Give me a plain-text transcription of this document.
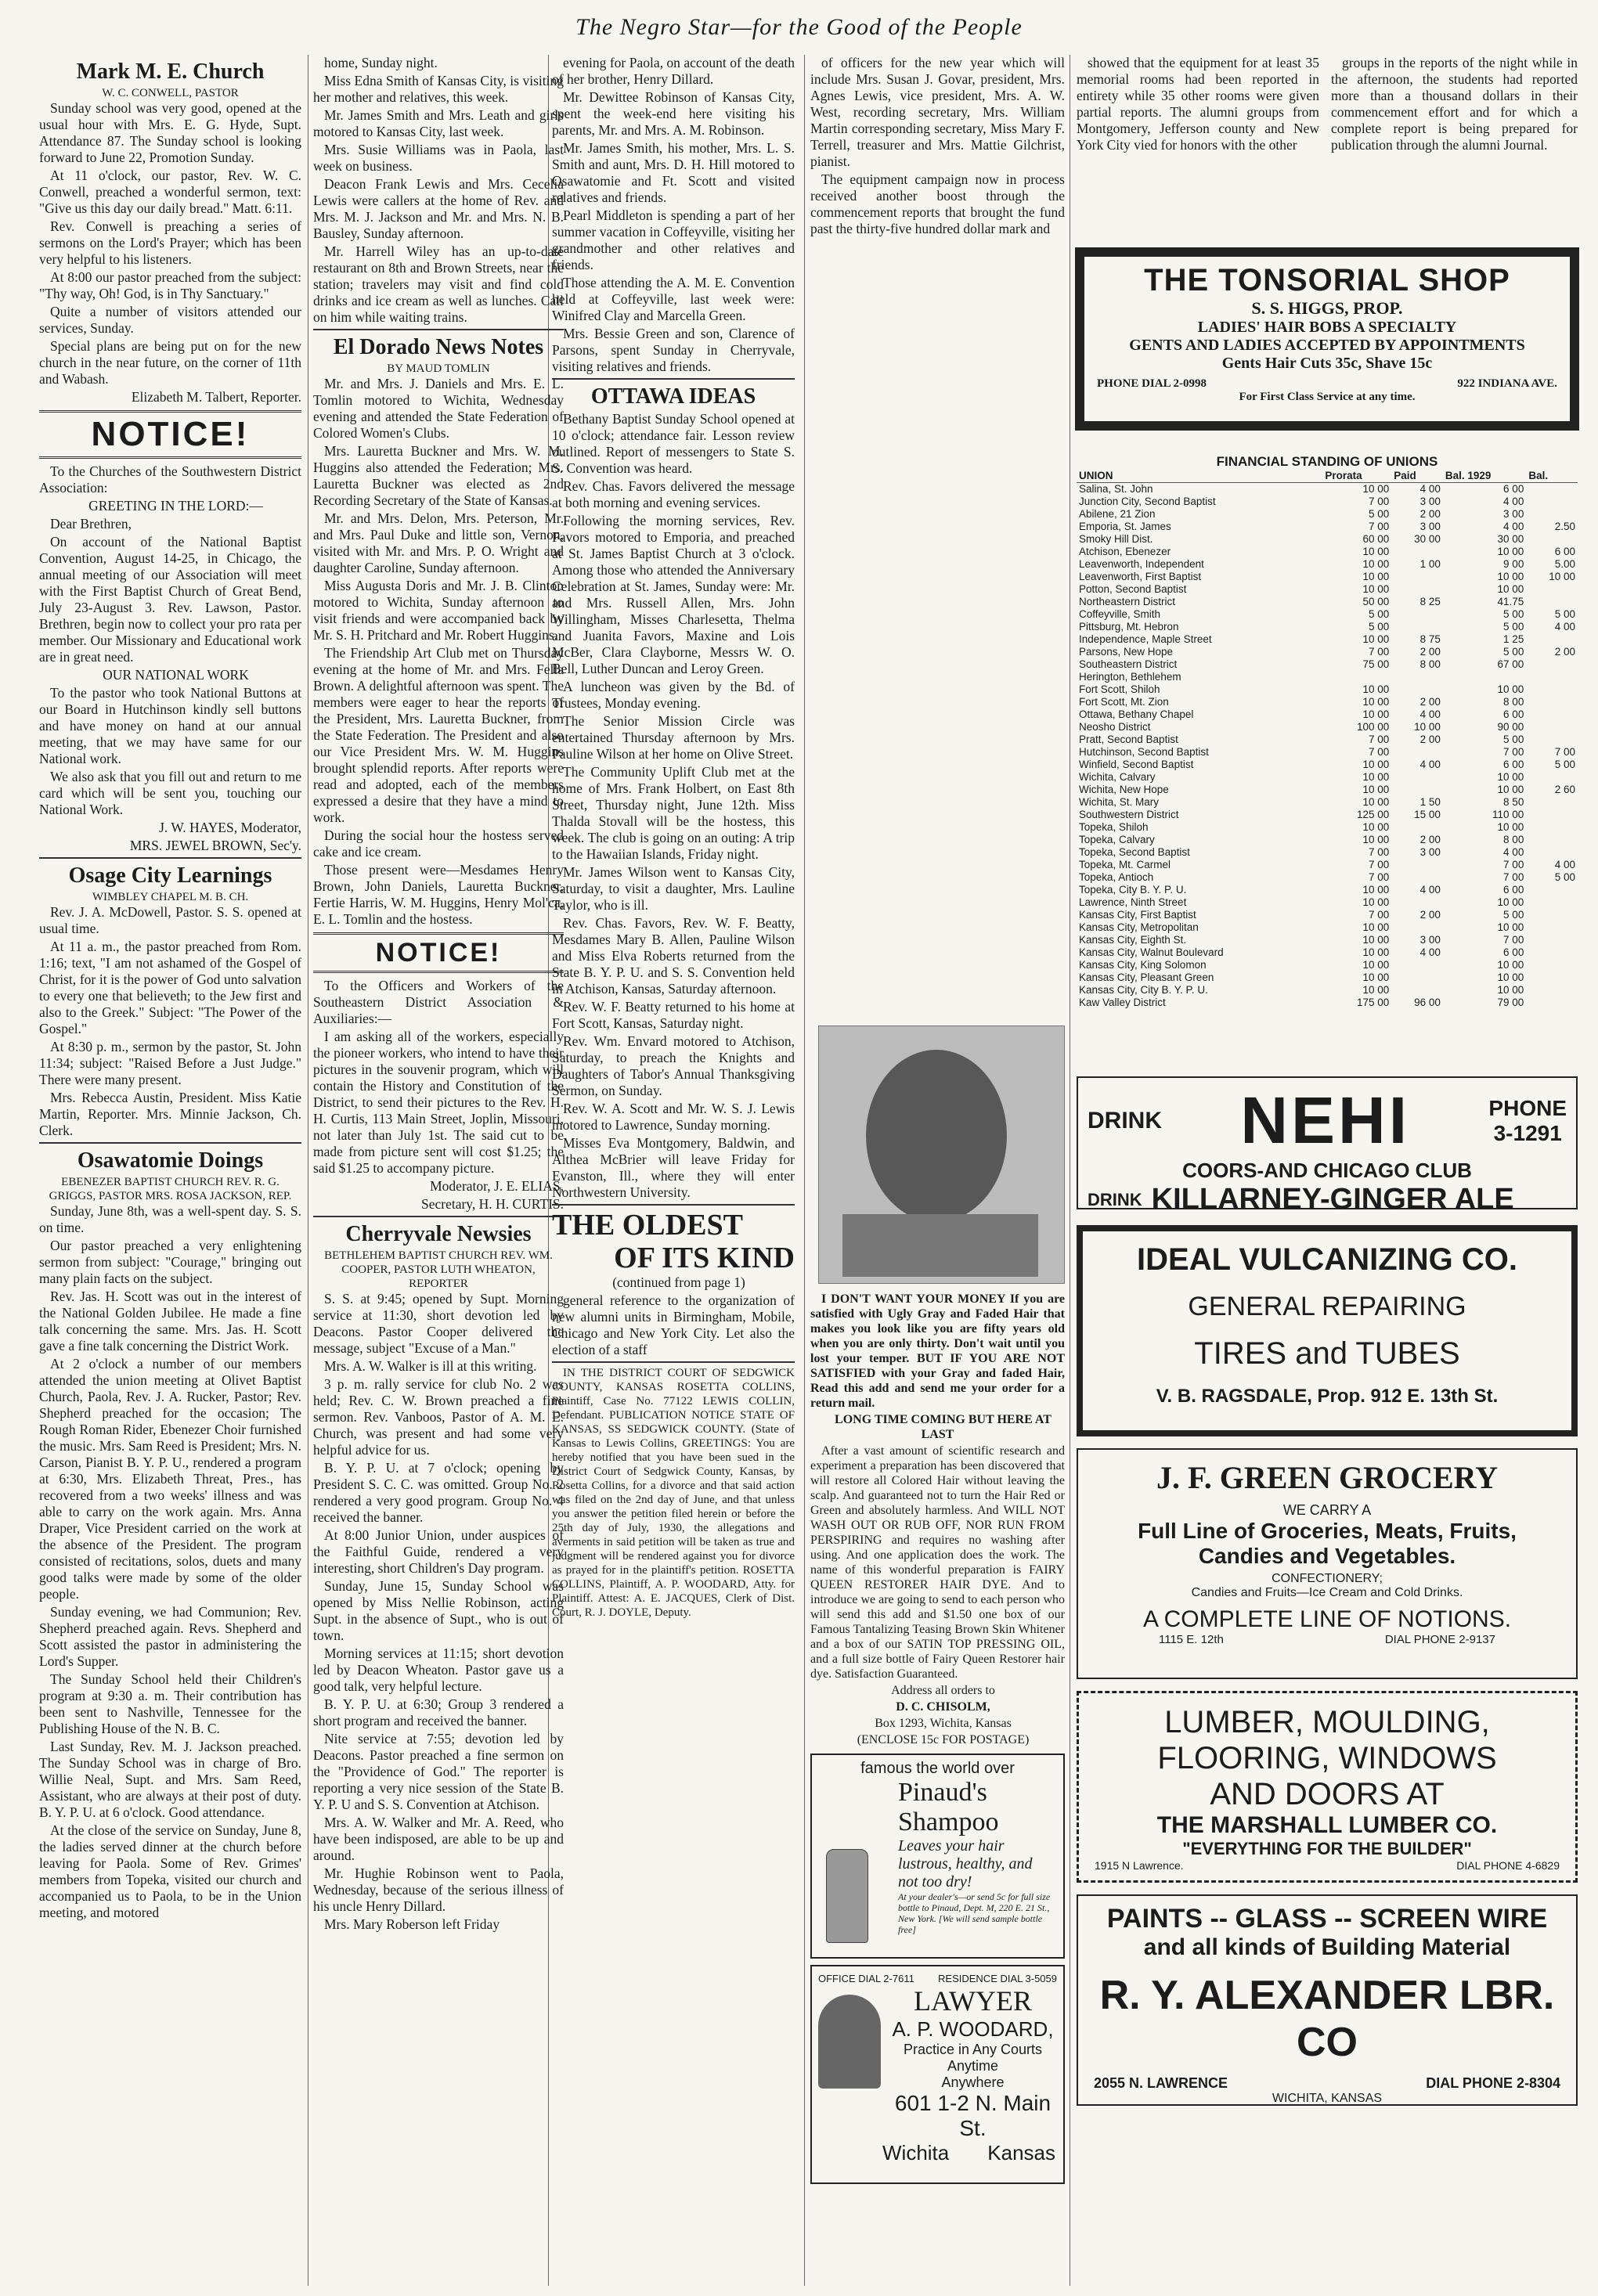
The Negro Star—for the Good of the People
Mark M. E. Church
W. C. CONWELL, PASTOR

Sunday school was very good, opened at the usual hour with Mrs. E. G. Hyde, Supt. Attendance 87. The Sunday school is looking forward to June 22, Promotion Sunday.

At 11 o'clock, our pastor, Rev. W. C. Conwell, preached a wonderful sermon, text: "Give us this day our daily bread." Matt. 6:11.

Rev. Conwell is preaching a series of sermons on the Lord's Prayer; which has been very helpful to his listeners.

At 8:00 our pastor preached from the subject: "Thy way, Oh! God, is in Thy Sanctuary."

Quite a number of visitors attended our services, Sunday.

Special plans are being put on for the new church in the near future, on the corner of 11th and Wabash.

Elizabeth M. Talbert, Reporter.

NOTICE!

To the Churches of the Southwestern District Association:

GREETING IN THE LORD:—

Dear Brethren,

On account of the National Baptist Convention, August 14-25, in Chicago, the annual meeting of our Association will meet with the First Baptist Church of Great Bend, July 23-August 3. Rev. Lawson, Pastor. Brethren, begin now to collect your pro rata per member. Our Missionary and Educational work are in great need.

OUR NATIONAL WORK

To the pastor who took National Buttons at our Board in Hutchinson kindly sell buttons and have money on hand at our annual meeting, that we may have same for our National work.

We also ask that you fill out and return to me card which will be sent you, touching our National Work.

J. W. HAYES, Moderator,

MRS. JEWEL BROWN, Sec'y.

Osage City Learnings
WIMBLEY CHAPEL M. B. CH.

Rev. J. A. McDowell, Pastor. S. S. opened at usual time.

At 11 a. m., the pastor preached from Rom. 1:16; text, "I am not ashamed of the Gospel of Christ, for it is the power of God unto salvation to every one that believeth; to the Jew first and also to the Greek." Subject: "The Power of the Gospel."

At 8:30 p. m., sermon by the pastor, St. John 11:34; subject: "Raised Before a Just Judge." There were many present.

Mrs. Rebecca Austin, President. Miss Katie Martin, Reporter. Mrs. Minnie Jackson, Ch. Clerk.

Osawatomie Doings
EBENEZER BAPTIST CHURCH REV. R. G. GRIGGS, PASTOR MRS. ROSA JACKSON, REP.

Sunday, June 8th, was a well-spent day. S. S. on time.

Our pastor preached a very enlightening sermon from subject: "Courage," bringing out many plain facts on the subject.

Rev. Jas. H. Scott was out in the interest of the National Golden Jubilee. He made a fine talk concerning the same. Mrs. Jas. H. Scott gave a fine talk concerning the District Work.

At 2 o'clock a number of our members attended the union meeting at Olivet Baptist Church, Paola, Rev. J. A. Rucker, Pastor; Rev. Shepherd preached for the occasion; The Rough Roman Rider, Ebenezer Choir furnished the music. Mrs. Sam Reed is President; Mrs. N. Carson, Pianist B. Y. P. U., rendered a program at 6:30, Mrs. Elizabeth Threat, Pres., has recovered from a two weeks' illness and was able to carry on the work again. Mrs. Anna Draper, Vice President carried on the work at the absence of the President. The program consisted of recitations, solos, duets and many good talks were made by some of the older people.

Sunday evening, we had Communion; Rev. Shepherd preached again. Revs. Shepherd and Scott assisted the pastor in administering the Lord's Supper.

The Sunday School held their Children's program at 9:30 a. m. Their contribution has been sent to Nashville, Tennessee for the Publishing House of the N. B. C.

Last Sunday, Rev. M. J. Jackson preached. The Sunday School was in charge of Bro. Willie Neal, Supt. and Mrs. Sam Reed, Assistant, who are always at their post of duty. B. Y. P. U. at 6 o'clock. Good attendance.

At the close of the service on Sunday, June 8, the ladies served dinner at the church before leaving for Paola. Some of Rev. Grimes' members from Topeka, visited our church and accompanied us to Paola, to be in the Union meeting, and motored

home, Sunday night.

Miss Edna Smith of Kansas City, is visiting her mother and relatives, this week.

Mr. James Smith and Mrs. Leath and girls motored to Kansas City, last week.

Mrs. Susie Williams was in Paola, last week on business.

Deacon Frank Lewis and Mrs. Cecelia Lewis were callers at the home of Rev. and Mrs. M. J. Jackson and Mr. and Mrs. N. B. Bausley, Sunday afternoon.

Mr. Harrell Wiley has an up-to-date restaurant on 8th and Brown Streets, near the station; travelers may visit and find cold drinks and ice cream as well as lunches. Call on him while waiting trains.

El Dorado News Notes
BY MAUD TOMLIN

Mr. and Mrs. J. Daniels and Mrs. E. L. Tomlin motored to Wichita, Wednesday evening and attended the State Federation of Colored Women's Clubs.

Mrs. Lauretta Buckner and Mrs. W. M. Huggins also attended the Federation; Mrs. Lauretta Buckner was elected as 2nd Recording Secretary of the State of Kansas.

Mr. and Mrs. Delon, Mrs. Peterson, Mr. and Mrs. Paul Duke and little son, Vernon, visited with Mr. and Mrs. P. O. Wright and daughter Caroline, Sunday afternoon.

Miss Augusta Doris and Mr. J. B. Clinton motored to Wichita, Sunday afternoon to visit friends and were accompanied back by Mr. S. H. Pritchard and Mr. Robert Huggins.

The Friendship Art Club met on Thursday evening at the home of Mr. and Mrs. Fella Brown. A delightful afternoon was spent. The members were eager to hear the reports of the President, Mrs. Lauretta Buckner, from the State Federation. The President and also our Vice President Mrs. W. M. Huggins brought splendid reports. After reports were read and adopted, each of the members expressed a desire that they have a mind to work.

During the social hour the hostess served cake and ice cream.

Those present were—Mesdames Henry Brown, John Daniels, Lauretta Buckner, Fertie Harris, W. M. Huggins, Henry Mol'ca, E. L. Tomlin and the hostess.

NOTICE!

To the Officers and Workers of the Southeastern District Association & Auxiliaries:—

I am asking all of the workers, especially the pioneer workers, who intend to have their pictures in the souvenir program, which will contain the History and Constitution of the District, to send their pictures to the Rev. H. H. Curtis, 113 Main Street, Joplin, Missouri, not later than July 1st. The said cut to be made from picture sent will cost $1.25; the said $1.25 to accompany picture.

Moderator, J. E. ELIAS,

Secretary, H. H. CURTIS.

Cherryvale Newsies
BETHLEHEM BAPTIST CHURCH REV. WM. COOPER, PASTOR LUTH WHEATON, REPORTER

S. S. at 9:45; opened by Supt. Morning service at 11:30, short devotion led by Deacons. Pastor Cooper delivered the message, subject "Excuse of a Man."

Mrs. A. W. Walker is ill at this writing.

3 p. m. rally service for club No. 2 was held; Rev. C. W. Brown preached a fine sermon. Rev. Vanboos, Pastor of A. M. E. Church, was present and had some very helpful advice for us.

B. Y. P. U. at 7 o'clock; opening by President S. C. C. was omitted. Group No. 2 rendered a very good program. Group No. 4 received the banner.

At 8:00 Junior Union, under auspices of the Faithful Guide, rendered a very interesting, short Children's Day program.

Sunday, June 15, Sunday School was opened by Miss Nellie Robinson, acting Supt. in the absence of Supt., who is out of town.

Morning services at 11:15; short devotion led by Deacon Wheaton. Pastor gave us a good talk, very helpful lecture.

B. Y. P. U. at 6:30; Group 3 rendered a short program and received the banner.

Nite service at 7:55; devotion led by Deacons. Pastor preached a fine sermon on the "Providence of God." The reporter is reporting a very nice session of the State B. Y. P. U and S. S. Convention at Atchison.

Mrs. A. W. Walker and Mr. A. Reed, who have been indisposed, are able to be up and around.

Mr. Hughie Robinson went to Paola, Wednesday, because of the serious illness of his uncle Henry Dillard.

Mrs. Mary Roberson left Friday

evening for Paola, on account of the death of her brother, Henry Dillard.

Mr. Dewittee Robinson of Kansas City, spent the week-end here visiting his parents, Mr. and Mrs. A. M. Robinson.

Mr. James Smith, his mother, Mrs. L. S. Smith and aunt, Mrs. D. H. Hill motored to Osawatomie and Ft. Scott and visited relatives and friends.

Pearl Middleton is spending a part of her summer vacation in Coffeyville, visiting her grandmother and other relatives and friends.

Those attending the A. M. E. Convention held at Coffeyville, last week were: Winifred Clay and Marcella Green.

Mrs. Bessie Green and son, Clarence of Parsons, spent Sunday in Cherryvale, visiting relatives and friends.

OTTAWA IDEAS

Bethany Baptist Sunday School opened at 10 o'clock; attendance fair. Lesson review outlined. Report of messengers to State S. S. Convention was heard.

Rev. Chas. Favors delivered the message at both morning and evening services.

Following the morning services, Rev. Favors motored to Emporia, and preached at St. James Baptist Church at 3 o'clock. Among those who attended the Anniversary Celebration at St. James, Sunday were: Mr. and Mrs. Russell Allen, Mrs. John Willingham, Misses Charlesetta, Thelma and Juanita Favors, Maxine and Lois McBer, Clara Clayborne, Messrs W. O. Bell, Luther Duncan and Leroy Green.

A luncheon was given by the Bd. of Trustees, Monday evening.

The Senior Mission Circle was entertained Thursday afternoon by Mrs. Pauline Wilson at her home on Olive Street.

The Community Uplift Club met at the home of Mrs. Frank Holbert, on East 8th Street, Thursday night, June 12th. Miss Thalda Stovall will be the hostess, this week. The club is going on an outing: A trip to the Hawaiian Islands, Friday night.

Mr. James Wilson went to Kansas City, Saturday, to visit a daughter, Mrs. Lauline Taylor, who is ill.

Rev. Chas. Favors, Rev. W. F. Beatty, Mesdames Mary B. Allen, Pauline Wilson and Miss Elva Roberts returned from the State B. Y. P. U. and S. S. Convention held in Atchison, Kansas, Saturday afternoon.

Rev. W. F. Beatty returned to his home at Fort Scott, Kansas, Saturday night.

Rev. Wm. Envard motored to Atchison, Saturday, to preach the Knights and Daughters of Tabor's Annual Thanksgiving Sermon, on Sunday.

Rev. W. A. Scott and Mr. W. S. J. Lewis motored to Lawrence, Sunday morning.

Misses Eva Montgomery, Baldwin, and Althea McBrier will leave Friday for Evanston, Ill., where they will enter Northwestern University.

THE OLDEST
OF ITS KIND

(continued from page 1)

general reference to the organization of new alumni units in Birmingham, Mobile, Chicago and New York City. Let also the election of a staff

IN THE DISTRICT COURT OF SEDGWICK COUNTY, KANSAS ROSETTA COLLINS, Plaintiff, Case No. 77122 LEWIS COLLIN, Defendant. PUBLICATION NOTICE STATE OF KANSAS, SS SEDGWICK COUNTY. (State of Kansas to Lewis Collins, GREETINGS: You are hereby notified that you have been sued in the District Court of Sedgwick County, Kansas, by Rosetta Collins, for a divorce and that said action was filed on the 2nd day of June, and that unless you answer the petition filed herein or before the 25th day of July, 1930, the allegations and averments in said petition will be taken as true and judgment will be rendered against you for divorce as prayed for in the plaintiff's petition. ROSETTA COLLINS, Plaintiff, A. P. WOODARD, Atty. for Plaintiff. Attest: A. E. JACQUES, Clerk of Dist. Court, R. J. DOYLE, Deputy.

of officers for the new year which will include Mrs. Susan J. Govar, president, Mrs. Agnes Lewis, vice president, Mrs. A. W. West, recording secretary, Mrs. William Martin corresponding secretary, Miss Mary F. Terrell, treasurer and Mrs. Mattie Gilchrist, pianist.

The equipment campaign now in process received another boost through the commencement reports that brought the fund past the thirty-five hundred dollar mark and

I DON'T WANT YOUR MONEY If you are satisfied with Ugly Gray and Faded Hair that makes you look like you are fifty years old when you are only thirty. Don't wait until you lost your temper. BUT IF YOU ARE NOT SATISFIED with your Gray and faded Hair, Read this add and send me your order for a return mail.

LONG TIME COMING BUT HERE AT LAST

After a vast amount of scientific research and experiment a preparation has been discovered that will restore all Colored Hair without leaving the scalp. And guaranteed not to turn the Hair Red or Green and absolutely harmless. And WILL NOT WASH OUT OR RUB OFF, NOR RUN FROM PERSPIRING and requires no washing after using. And one application does the work. The name of this wonderful preparation is FAIRY QUEEN RESTORER HAIR DYE. And to introduce we are going to send to each person who will send this add and $1.50 one box of our Famous Tantalizing Teasing Brown Skin Whitener and a box of our SATIN TOP PRESSING OIL, and a full size bottle of Fairy Queen Restorer hair dye. Satisfaction Guaranteed.

Address all orders to

D. C. CHISOLM,

Box 1293, Wichita, Kansas

(ENCLOSE 15c FOR POSTAGE)

famous the world over
Pinaud's
Shampoo
Leaves your hair lustrous, healthy, and not too dry!
At your dealer's—or send 5c for full size bottle to Pinaud, Dept. M, 220 E. 21 St., New York. [We will send sample bottle free]
OFFICE DIAL 2-7611 RESIDENCE DIAL 3-5059
LAWYER
A. P. WOODARD,
Practice in Any Courts
Anytime
Anywhere
601 1-2 N. Main St.
Wichita Kansas

showed that the equipment for at least 35 memorial rooms had been reported in entirety while 35 other rooms were given partial reports. The alumni groups from Montgomery, Jefferson county and New York City vied for honors with the other

groups in the reports of the night while in the afternoon, the students had reported more than a thousand dollars in their commencement effort and for which a complete report is being prepared for publication through the alumni Journal.

THE TONSORIAL SHOP
S. S. HIGGS, PROP.
LADIES' HAIR BOBS A SPECIALTY
GENTS AND LADIES ACCEPTED BY APPOINTMENTS
Gents Hair Cuts 35c, Shave 15c
PHONE DIAL 2-0998	922 INDIANA AVE.
For First Class Service at any time.
FINANCIAL STANDING OF UNIONS
UNION	Prorata	Paid	Bal. 1929	Bal.
Salina, St. John	10 00	4 00	6 00	
Junction City, Second Baptist	7 00	3 00	4 00	
Abilene, 21 Zion	5 00	2 00	3 00	
Emporia, St. James	7 00	3 00	4 00	2.50
Smoky Hill Dist.	60 00	30 00	30 00	
Atchison, Ebenezer	10 00		10 00	6 00
Leavenworth, Independent	10 00	1 00	9 00	5.00
Leavenworth, First Baptist	10 00		10 00	10 00
Potton, Second Baptist	10 00		10 00	
Northeastern District	50 00	8 25	41.75	
Coffeyville, Smith	5 00		5 00	5 00
Pittsburg, Mt. Hebron	5 00		5 00	4 00
Independence, Maple Street	10 00	8 75	1 25	
Parsons, New Hope	7 00	2 00	5 00	2 00
Southeastern District	75 00	8 00	67 00	
Herington, Bethlehem				
Fort Scott, Shiloh	10 00		10 00	
Fort Scott, Mt. Zion	10 00	2 00	8 00	
Ottawa, Bethany Chapel	10 00	4 00	6 00	
Neosho District	100 00	10 00	90 00	
Pratt, Second Baptist	7 00	2 00	5 00	
Hutchinson, Second Baptist	7 00		7 00	7 00
Winfield, Second Baptist	10 00	4 00	6 00	5 00
Wichita, Calvary	10 00		10 00	
Wichita, New Hope	10 00		10 00	2 60
Wichita, St. Mary	10 00	1 50	8 50	
Southwestern District	125 00	15 00	110 00	
Topeka, Shiloh	10 00		10 00	
Topeka, Calvary	10 00	2 00	8 00	
Topeka, Second Baptist	7 00	3 00	4 00	
Topeka, Mt. Carmel	7 00		7 00	4 00
Topeka, Antioch	7 00		7 00	5 00
Topeka, City B. Y. P. U.	10 00	4 00	6 00	
Lawrence, Ninth Street	10 00		10 00	
Kansas City, First Baptist	7 00	2 00	5 00	
Kansas City, Metropolitan	10 00		10 00	
Kansas City, Eighth St.	10 00	3 00	7 00	
Kansas City, Walnut Boulevard	10 00	4 00	6 00	
Kansas City, King Solomon	10 00		10 00	
Kansas City, Pleasant Green	10 00		10 00	
Kansas City, City B. Y. P. U.	10 00		10 00	
Kaw Valley District	175 00	96 00	79 00	
DRINK NEHI	PHONE
3-1291
COORS-AND CHICAGO CLUB
DRINK KILLARNEY-GINGER ALE
IDEAL VULCANIZING CO.
GENERAL REPAIRING
TIRES and TUBES
V. B. RAGSDALE, Prop. 912 E. 13th St.
J. F. GREEN GROCERY
WE CARRY A
Full Line of Groceries, Meats, Fruits, Candies and Vegetables.
CONFECTIONERY;
Candies and Fruits—Ice Cream and Cold Drinks.
A COMPLETE LINE OF NOTIONS.
1115 E. 12th	DIAL PHONE 2-9137
LUMBER, MOULDING,
FLOORING, WINDOWS
AND DOORS AT
THE MARSHALL LUMBER CO.
"EVERYTHING FOR THE BUILDER"
1915 N Lawrence.	DIAL PHONE 4-6829
PAINTS -- GLASS -- SCREEN WIRE
and all kinds of Building Material
R. Y. ALEXANDER LBR. CO
2055 N. LAWRENCE	DIAL PHONE 2-8304
WICHITA, KANSAS
